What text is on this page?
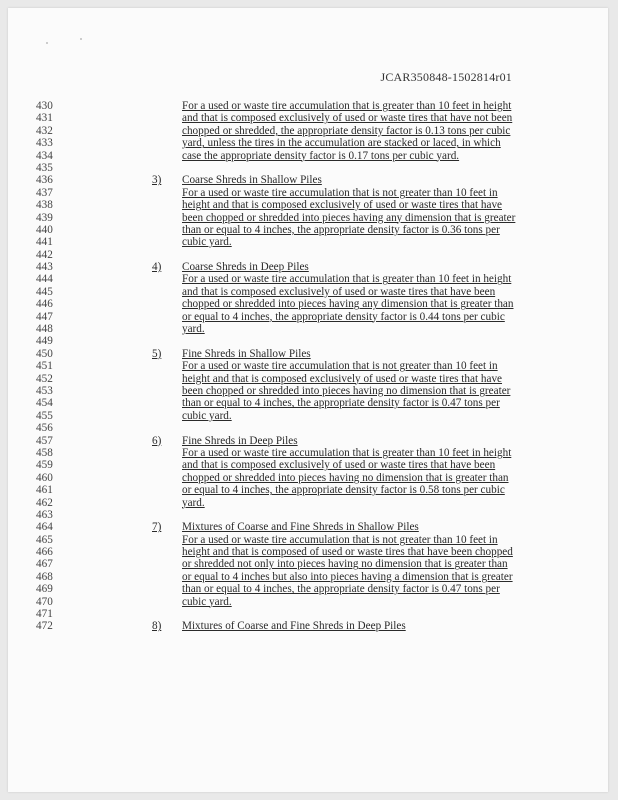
JCAR350848-1502814r01
430	For a used or waste tire accumulation that is greater than 10 feet in height
431	and that is composed exclusively of used or waste tires that have not been
432	chopped or shredded, the appropriate density factor is 0.13 tons per cubic
433	yard, unless the tires in the accumulation are stacked or laced, in which
434	case the appropriate density factor is 0.17 tons per cubic yard.
435
436	3) Coarse Shreds in Shallow Piles
437	For a used or waste tire accumulation that is not greater than 10 feet in
438	height and that is composed exclusively of used or waste tires that have
439	been chopped or shredded into pieces having any dimension that is greater
440	than or equal to 4 inches, the appropriate density factor is 0.36 tons per
441	cubic yard.
442
443	4) Coarse Shreds in Deep Piles
444	For a used or waste tire accumulation that is greater than 10 feet in height
445	and that is composed exclusively of used or waste tires that have been
446	chopped or shredded into pieces having any dimension that is greater than
447	or equal to 4 inches, the appropriate density factor is 0.44 tons per cubic
448	yard.
449
450	5) Fine Shreds in Shallow Piles
451	For a used or waste tire accumulation that is not greater than 10 feet in
452	height and that is composed exclusively of used or waste tires that have
453	been chopped or shredded into pieces having no dimension that is greater
454	than or equal to 4 inches, the appropriate density factor is 0.47 tons per
455	cubic yard.
456
457	6) Fine Shreds in Deep Piles
458	For a used or waste tire accumulation that is greater than 10 feet in height
459	and that is composed exclusively of used or waste tires that have been
460	chopped or shredded into pieces having no dimension that is greater than
461	or equal to 4 inches, the appropriate density factor is 0.58 tons per cubic
462	yard.
463
464	7) Mixtures of Coarse and Fine Shreds in Shallow Piles
465	For a used or waste tire accumulation that is not greater than 10 feet in
466	height and that is composed of used or waste tires that have been chopped
467	or shredded not only into pieces having no dimension that is greater than
468	or equal to 4 inches but also into pieces having a dimension that is greater
469	than or equal to 4 inches, the appropriate density factor is 0.47 tons per
470	cubic yard.
471
472	8) Mixtures of Coarse and Fine Shreds in Deep Piles
